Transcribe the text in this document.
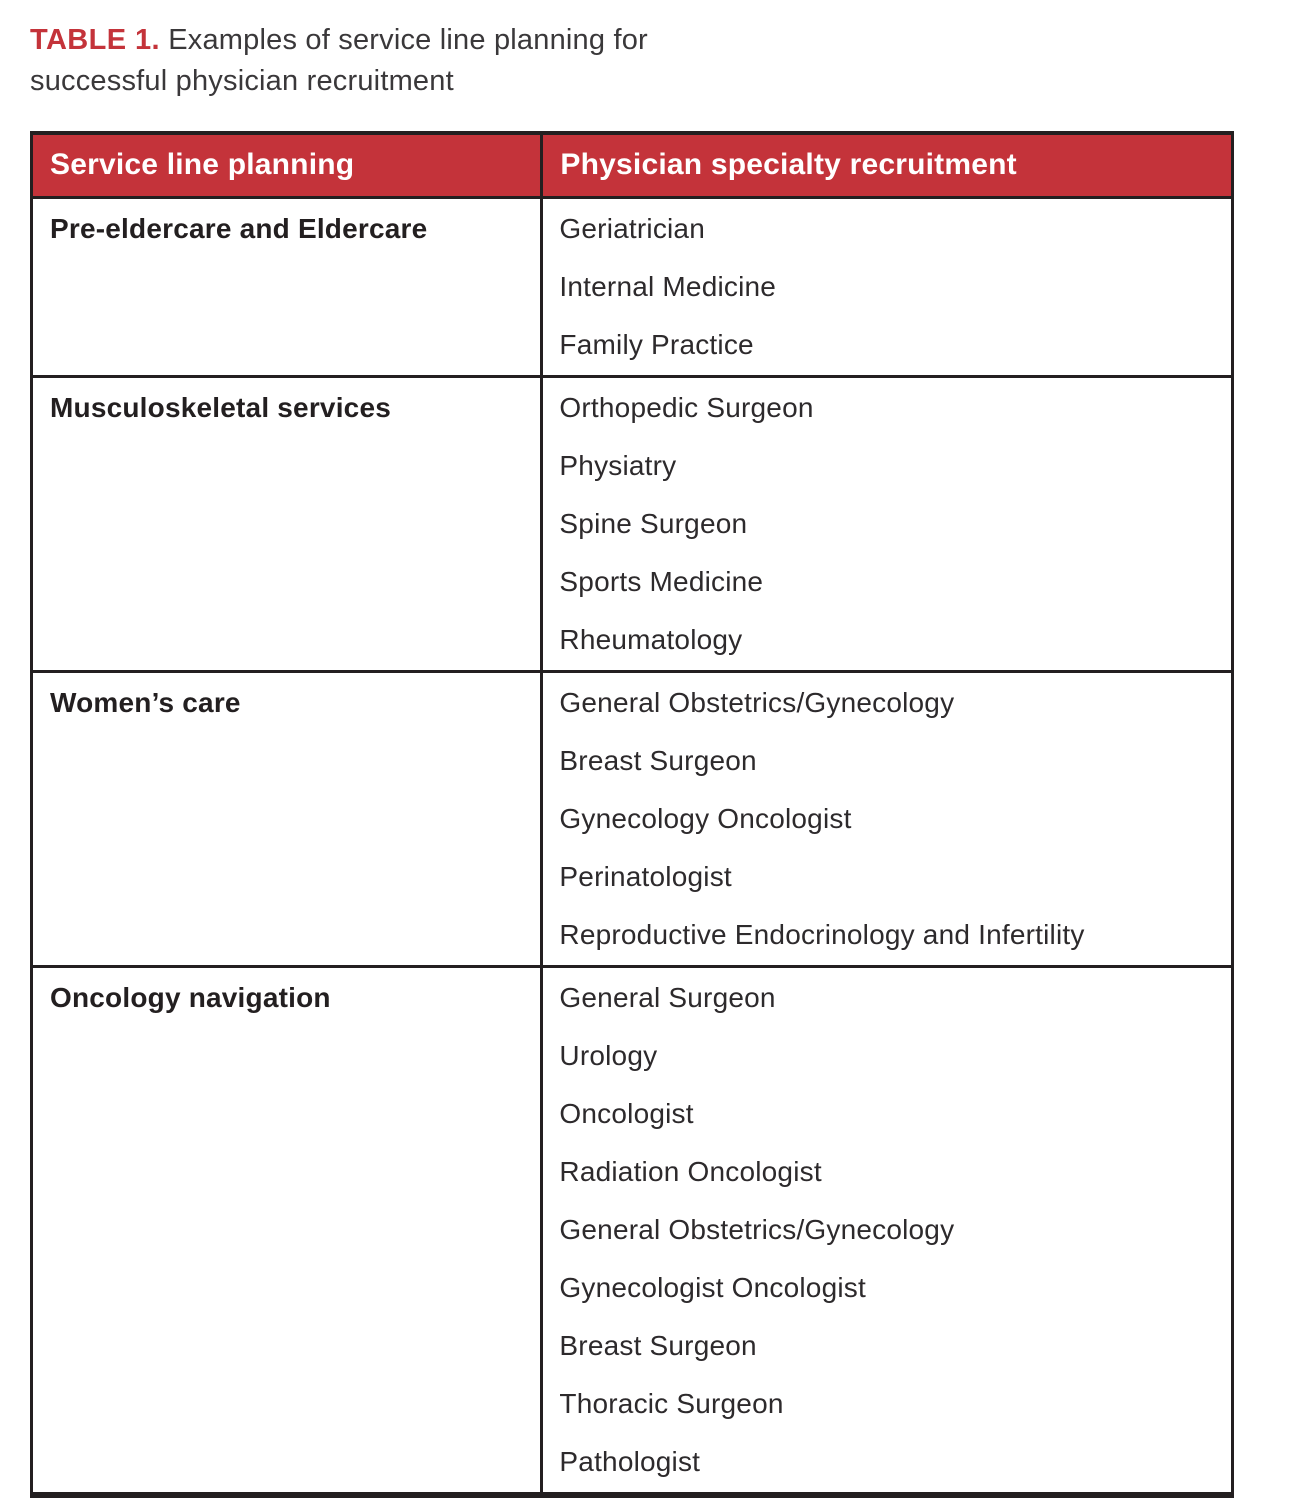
TABLE 1. Examples of service line planning for successful physician recruitment
Service line planning	Physician specialty recruitment
Pre-eldercare and Eldercare	Geriatrician
Internal Medicine
Family Practice

Musculoskeletal services	Orthopedic Surgeon
Physiatry
Spine Surgeon
Sports Medicine
Rheumatology

Women’s care	General Obstetrics/Gynecology
Breast Surgeon
Gynecology Oncologist
Perinatologist
Reproductive Endocrinology and Infertility

Oncology navigation	General Surgeon
Urology
Oncologist
Radiation Oncologist
General Obstetrics/Gynecology
Gynecologist Oncologist
Breast Surgeon
Thoracic Surgeon
Pathologist
